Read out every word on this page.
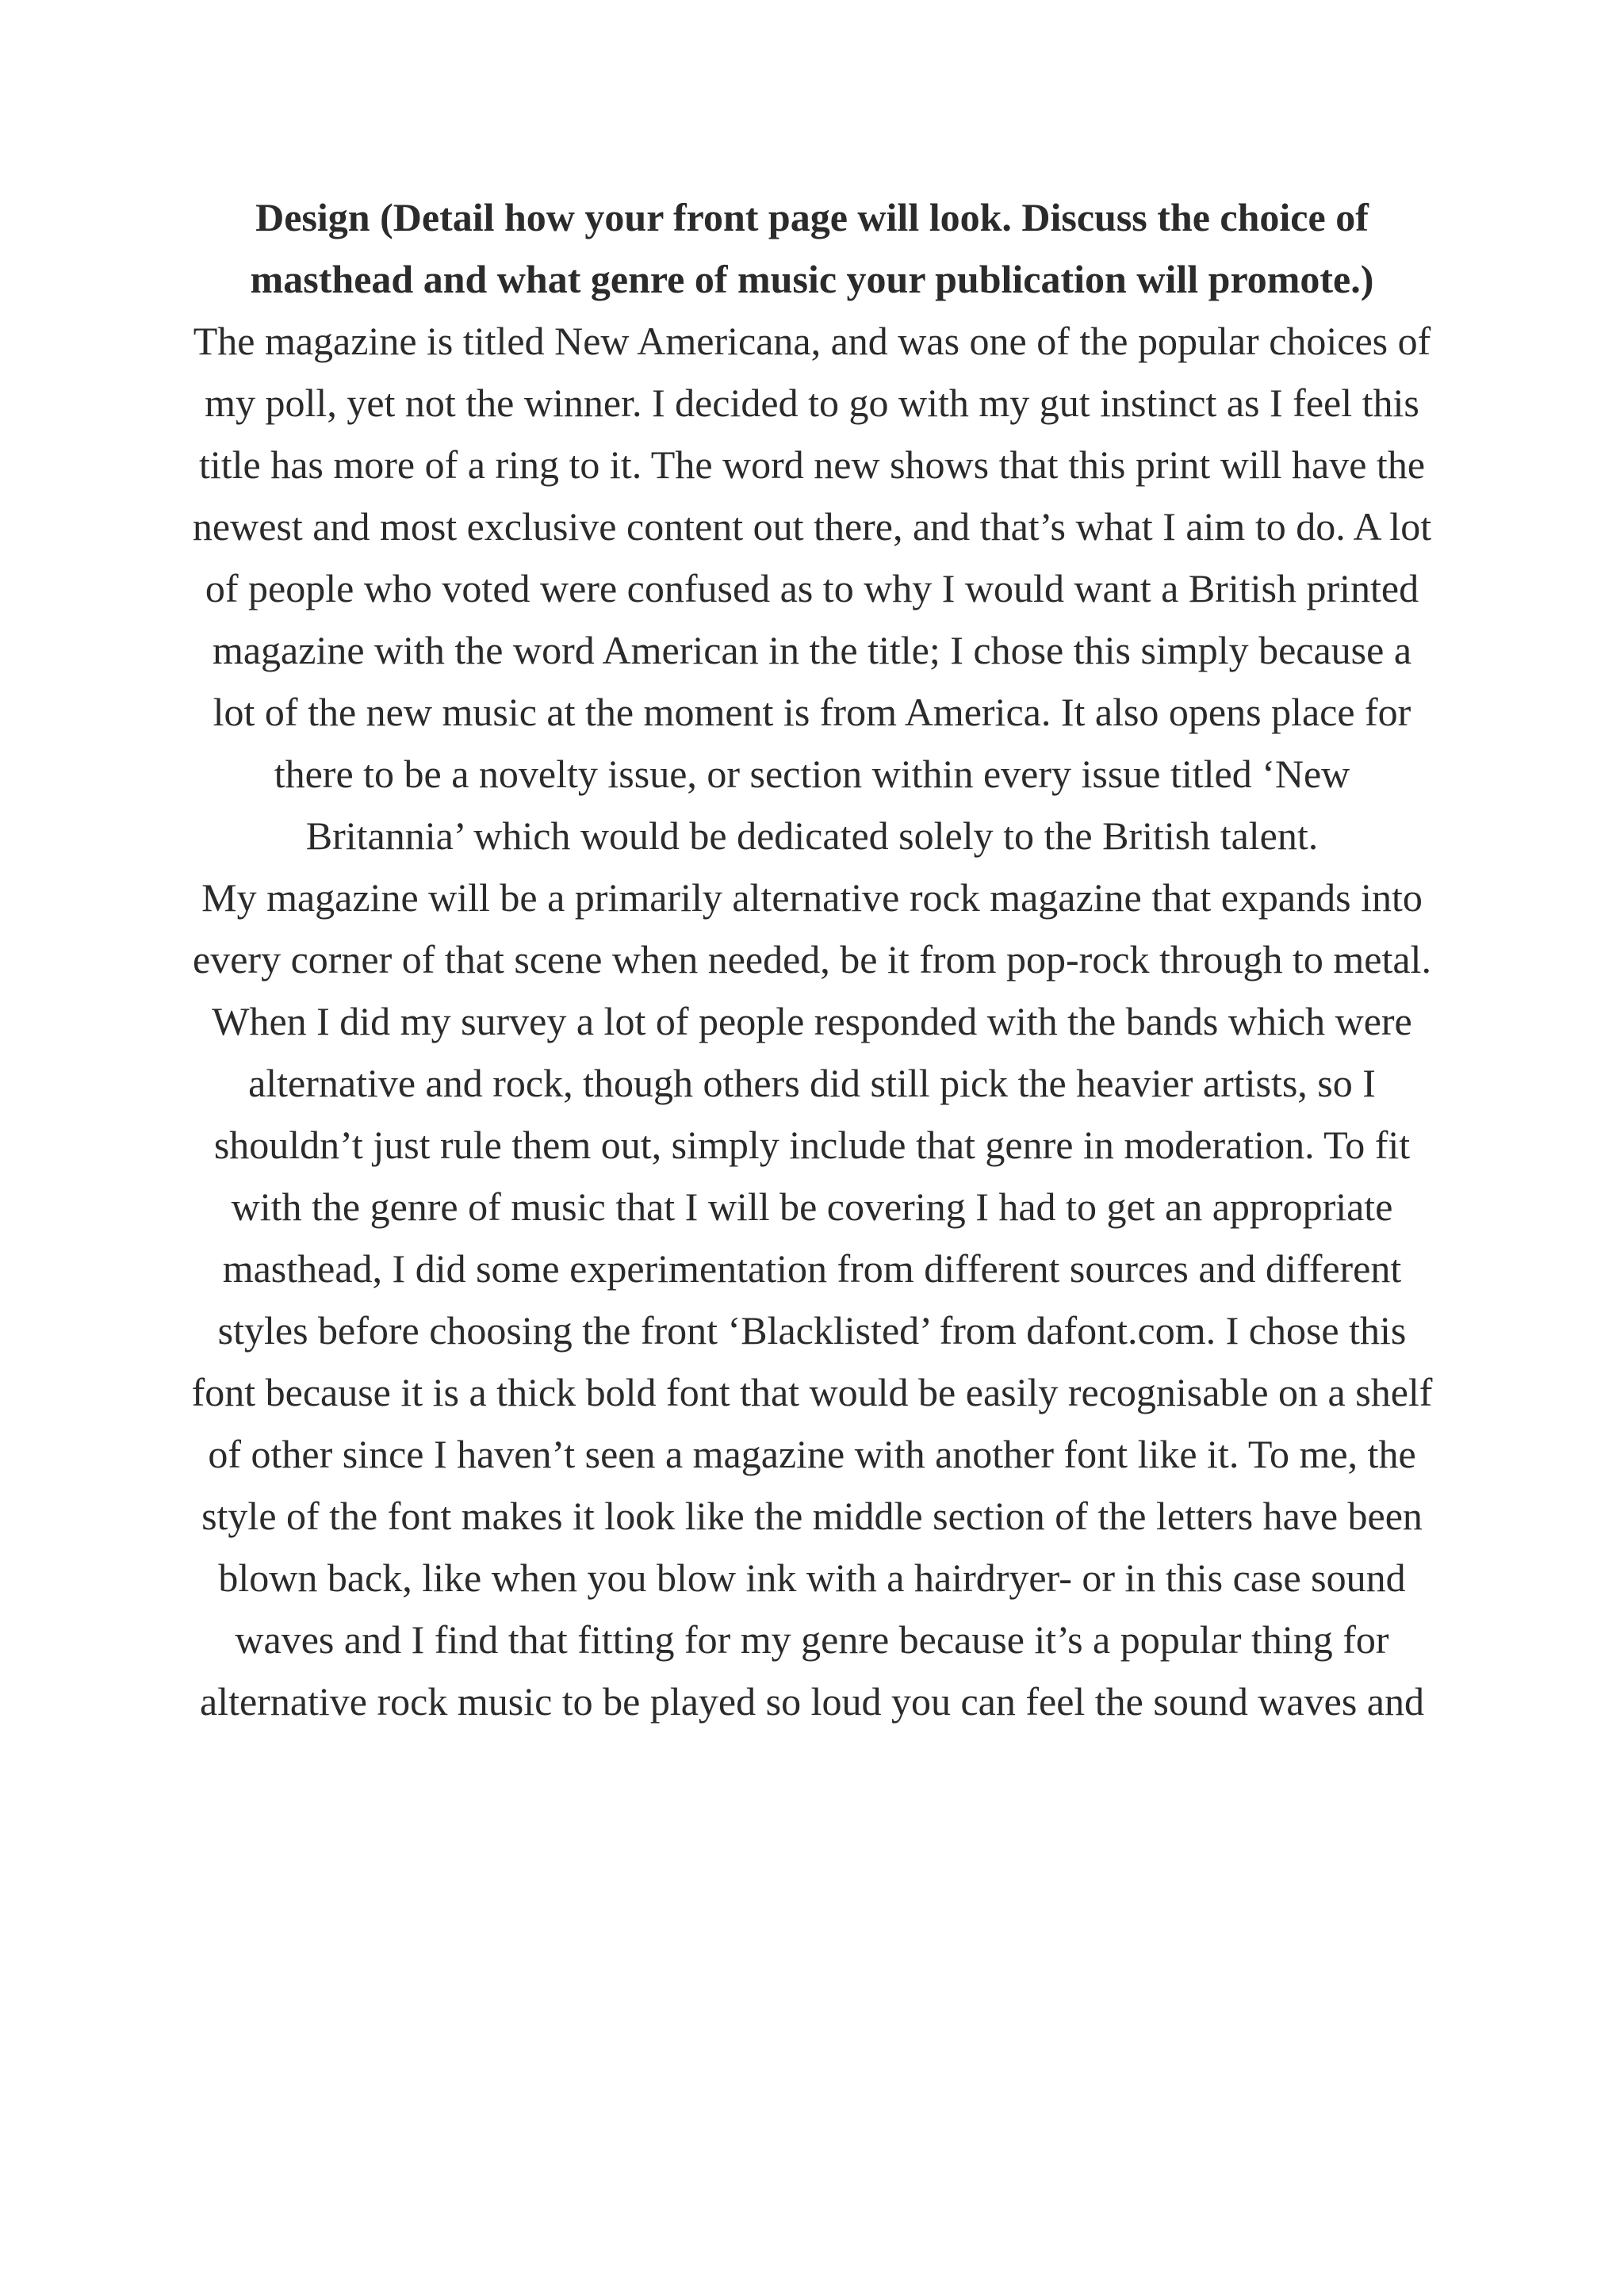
Design (Detail how your front page will look. Discuss the choice of masthead and what genre of music your publication will promote.)

The magazine is titled New Americana, and was one of the popular choices of my poll, yet not the winner. I decided to go with my gut instinct as I feel this title has more of a ring to it. The word new shows that this print will have the newest and most exclusive content out there, and that’s what I aim to do. A lot of people who voted were confused as to why I would want a British printed magazine with the word American in the title; I chose this simply because a lot of the new music at the moment is from America. It also opens place for there to be a novelty issue, or section within every issue titled ‘New Britannia’ which would be dedicated solely to the British talent.

My magazine will be a primarily alternative rock magazine that expands into every corner of that scene when needed, be it from pop-rock through to metal. When I did my survey a lot of people responded with the bands which were alternative and rock, though others did still pick the heavier artists, so I shouldn’t just rule them out, simply include that genre in moderation. To fit with the genre of music that I will be covering I had to get an appropriate masthead, I did some experimentation from different sources and different styles before choosing the front ‘Blacklisted’ from dafont.com. I chose this font because it is a thick bold font that would be easily recognisable on a shelf of other since I haven’t seen a magazine with another font like it. To me, the style of the font makes it look like the middle section of the letters have been blown back, like when you blow ink with a hairdryer- or in this case sound waves and I find that fitting for my genre because it’s a popular thing for alternative rock music to be played so loud you can feel the sound waves and
